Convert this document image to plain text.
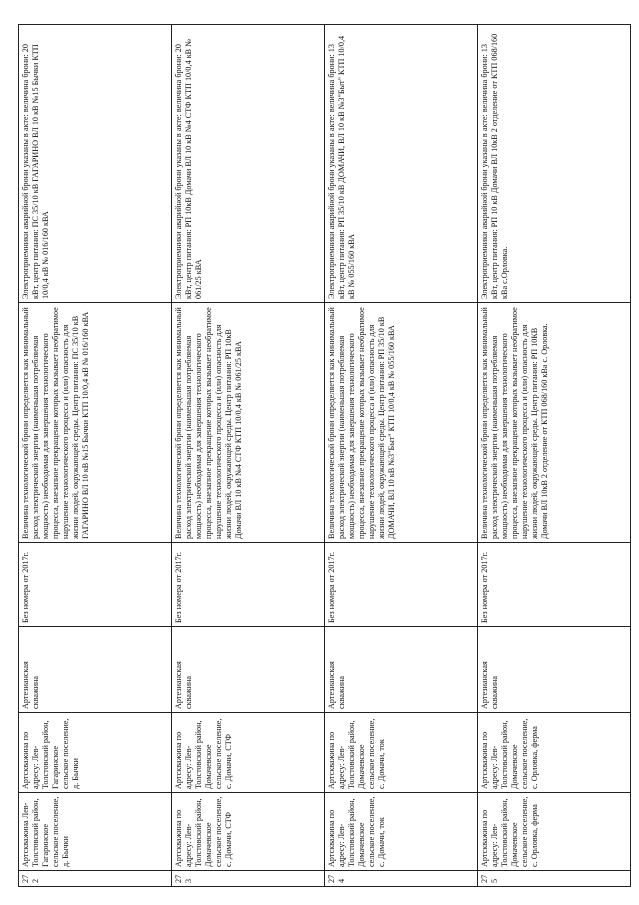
272	Артскважина Лев-Толстовский район, Гагаринское сельское поселение, д. Бычки	Артскважина по адресу: Лев-Толстовский район, Гагаринское сельское поселение, д. Бычки	Артезианская скважина	Без номера от 2017г.	Величина технологической брони определяется как минимальный расход электрической энергии (наименьшая потребляемая мощность) необходимая для завершения технологического процесса, внезапное прекращение которых вызывает необратимое нарушение технологического процесса и (или) опасность для жизни людей, окружающей среды. Центр питания: ПС 35/10 кВ ГАГАРИНО ВЛ 10 кВ №15 Бычки КТП 10/0,4 кВ № 016/160 кВА	Электроприемники аварийной брони указаны в акте: величина брони: 20 кВт, центр питания: ПС 35/10 кВ ГАГАРИНО ВЛ 10 кВ №15 Бычки КТП 10/0,4 кВ № 016/160 кВА
273	Артскважина по адресу: Лев-Толстовский район, Домачевское сельское поселение, с. Домачи, СТФ	Артскважина по адресу: Лев-Толстовский район, Домачевское сельское поселение, с. Домачи, СТФ	Артезианская скважина	Без номера от 2017г.	Величина технологической брони определяется как минимальный расход электрической энергии (наименьшая потребляемая мощность) необходимая для завершения технологического процесса, внезапное прекращение которых вызывает необратимое нарушение технологического процесса и (или) опасность для жизни людей, окружающей среды. Центр питания: РП 10кВ Домачи ВЛ 10 кВ №4 СТФ КТП 10/0,4 кВ № 061/25 кВА	Электроприемники аварийной брони указаны в акте: величина брони: 20 кВт, центр питания: РП 10кВ Домачи ВЛ 10 кВ №4 СТФ КТП 10/0,4 кВ № 061/25 кВА
274	Артскважина по адресу: Лев-Толстовский район, Домачевское сельское поселение, с. Домачи, ток	Артскважина по адресу: Лев-Толстовский район, Домачевское сельское поселение, с. Домачи, ток	Артезианская скважина	Без номера от 2017г.	Величина технологической брони определяется как минимальный расход электрической энергии (наименьшая потребляемая мощность) необходимая для завершения технологического процесса, внезапное прекращение которых вызывает необратимое нарушение технологического процесса и (или) опасность для жизни людей, окружающей среды. Центр питания: РП 35/10 кВ ДОМАЧИ, ВЛ 10 кВ №3"Быт" КТП 10/0,4 кВ № 055/160 кВА	Электроприемники аварийной брони указаны в акте: величина брони: 13 кВт, центр питания: РП 35/10 кВ ДОМАЧИ, ВЛ 10 кВ №3"Быт" КТП 10/0,4 кВ № 055/160 кВА
275	Артскважина по адресу: Лев-Толстовский район, Домачевское сельское поселение, с. Орловка, ферма	Артскважина по адресу: Лев-Толстовский район, Домачевское сельское поселение, с. Орловка, ферма	Артезианская скважина	Без номера от 2017г.	Величина технологической брони определяется как минимальный расход электрической энергии (наименьшая потребляемая мощность) необходимая для завершения технологического процесса, внезапное прекращение которых вызывает необратимое нарушение технологического процесса и (или) опасность для жизни людей, окружающей среды. Центр питания: РП 10КВ Домачи ВЛ 10кВ 2 отделение от КТП 068/160 кВа с. Орловка.	Электроприемники аварийной брони указаны в акте: величина брони: 13 кВт, центр питания: РП 10 кВ Домачи ВЛ 10кВ 2 отделение от КТП 068/160 кВа с.Орловка.
